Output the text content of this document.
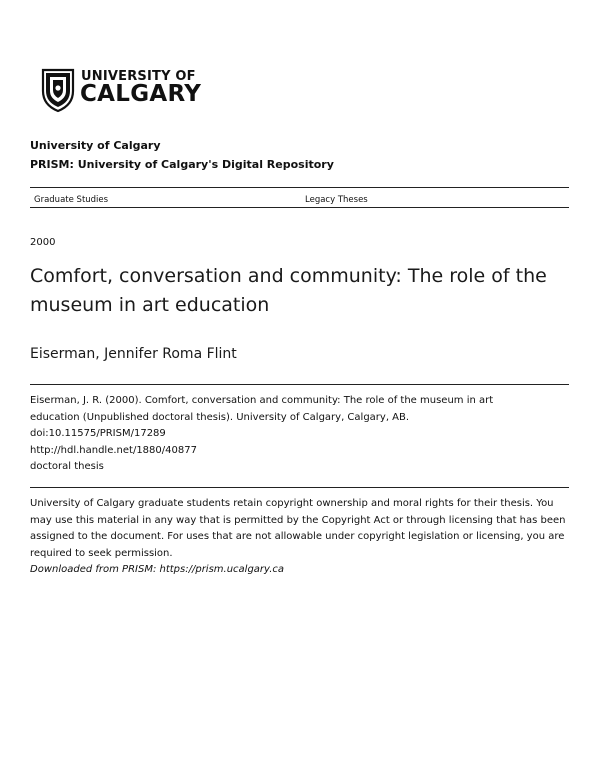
UNIVERSITY OF
CALGARY
University of Calgary
PRISM: University of Calgary's Digital Repository
Graduate Studies	Legacy Theses
2000
Comfort, conversation and community: The role of the museum in art education
Eiserman, Jennifer Roma Flint
Eiserman, J. R. (2000). Comfort, conversation and community: The role of the museum in art
education (Unpublished doctoral thesis). University of Calgary, Calgary, AB.
doi:10.11575/PRISM/17289
http://hdl.handle.net/1880/40877
doctoral thesis
University of Calgary graduate students retain copyright ownership and moral rights for their thesis. You may use this material in any way that is permitted by the Copyright Act or through licensing that has been assigned to the document. For uses that are not allowable under copyright legislation or licensing, you are required to seek permission.
Downloaded from PRISM: https://prism.ucalgary.ca
